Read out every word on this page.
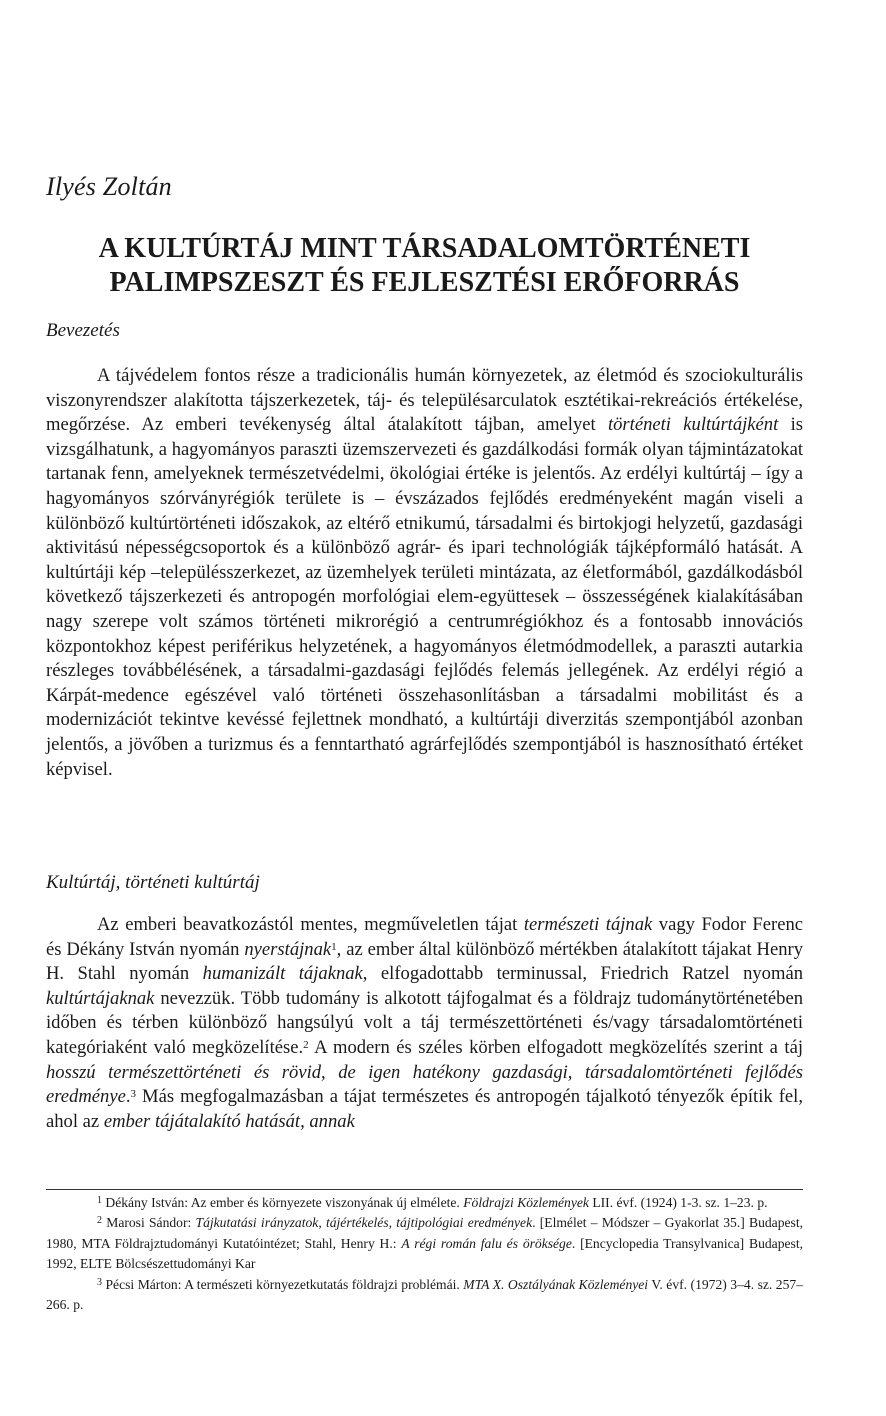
Ilyés Zoltán
A KULTÚRTÁJ MINT TÁRSADALOMTÖRTÉNETI
PALIMPSZESZT ÉS FEJLESZTÉSI ERŐFORRÁS
Bevezetés

A tájvédelem fontos része a tradicionális humán környezetek, az életmód és szociokulturális viszonyrendszer alakította tájszerkezetek, táj- és településarculatok esztétikai-rekreációs értékelése, megőrzése. Az emberi tevékenység által átalakított tájban, amelyet történeti kultúrtájként is vizsgálhatunk, a hagyományos paraszti üzemszervezeti és gazdálkodási formák olyan tájmintázatokat tartanak fenn, amelyeknek természetvédelmi, ökológiai értéke is jelentős. Az erdélyi kultúrtáj – így a hagyományos szórványrégiók területe is – évszázados fejlődés eredményeként magán viseli a különböző kultúrtörténeti időszakok, az eltérő etnikumú, társadalmi és birtokjogi helyzetű, gazdasági aktivitású népességcsoportok és a különböző agrár- és ipari technológiák tájképformáló hatását. A kultúrtáji kép –településszerkezet, az üzemhelyek területi mintázata, az életformából, gazdálkodásból következő tájszerkezeti és antropogén morfológiai elem-együttesek – összességének kialakításában nagy szerepe volt számos történeti mikrorégió a centrumrégiókhoz és a fontosabb innovációs központokhoz képest periférikus helyzetének, a hagyományos életmódmodellek, a paraszti autarkia részleges továbbélésének, a társadalmi-gazdasági fejlődés felemás jellegének. Az erdélyi régió a Kárpát-medence egészével való történeti összehasonlításban a társadalmi mobilitást és a modernizációt tekintve kevéssé fejlettnek mondható, a kultúrtáji diverzitás szempontjából azonban jelentős, a jövőben a turizmus és a fenntartható agrárfejlődés szempontjából is hasznosítható értéket képvisel.

Kultúrtáj, történeti kultúrtáj

Az emberi beavatkozástól mentes, megműveletlen tájat természeti tájnak vagy Fodor Ferenc és Dékány István nyomán nyerstájnak$^1$, az ember által különböző mértékben átalakított tájakat Henry H. Stahl nyomán humanizált tájaknak, elfogadottabb terminussal, Friedrich Ratzel nyomán kultúrtájaknak nevezzük. Több tudomány is alkotott tájfogalmat és a földrajz tudománytörténetében időben és térben különböző hangsúlyú volt a táj természettörténeti és/vagy társadalomtörténeti kategóriaként való megközelítése.$^2$ A modern és széles körben elfogadott megközelítés szerint a táj hosszú természettörténeti és rövid, de igen hatékony gazdasági, társadalomtörténeti fejlődés eredménye.$^3$ Más megfogalmazásban a tájat természetes és antropogén tájalkotó tényezők építik fel, ahol az ember tájátalakító hatását, annak

$^1$ Dékány István: Az ember és környezete viszonyának új elmélete. Földrajzi Közlemények LII. évf. (1924) 1-3. sz. 1–23. p.

$^2$ Marosi Sándor: Tájkutatási irányzatok, tájértékelés, tájtipológiai eredmények. [Elmélet – Módszer – Gyakorlat 35.] Budapest, 1980, MTA Földrajztudományi Kutatóintézet; Stahl, Henry H.: A régi román falu és öröksége. [Encyclopedia Transylvanica] Budapest, 1992, ELTE Bölcsészettudományi Kar

$^3$ Pécsi Márton: A természeti környezetkutatás földrajzi problémái. MTA X. Osztályának Közleményei V. évf. (1972) 3–4. sz. 257–266. p.
